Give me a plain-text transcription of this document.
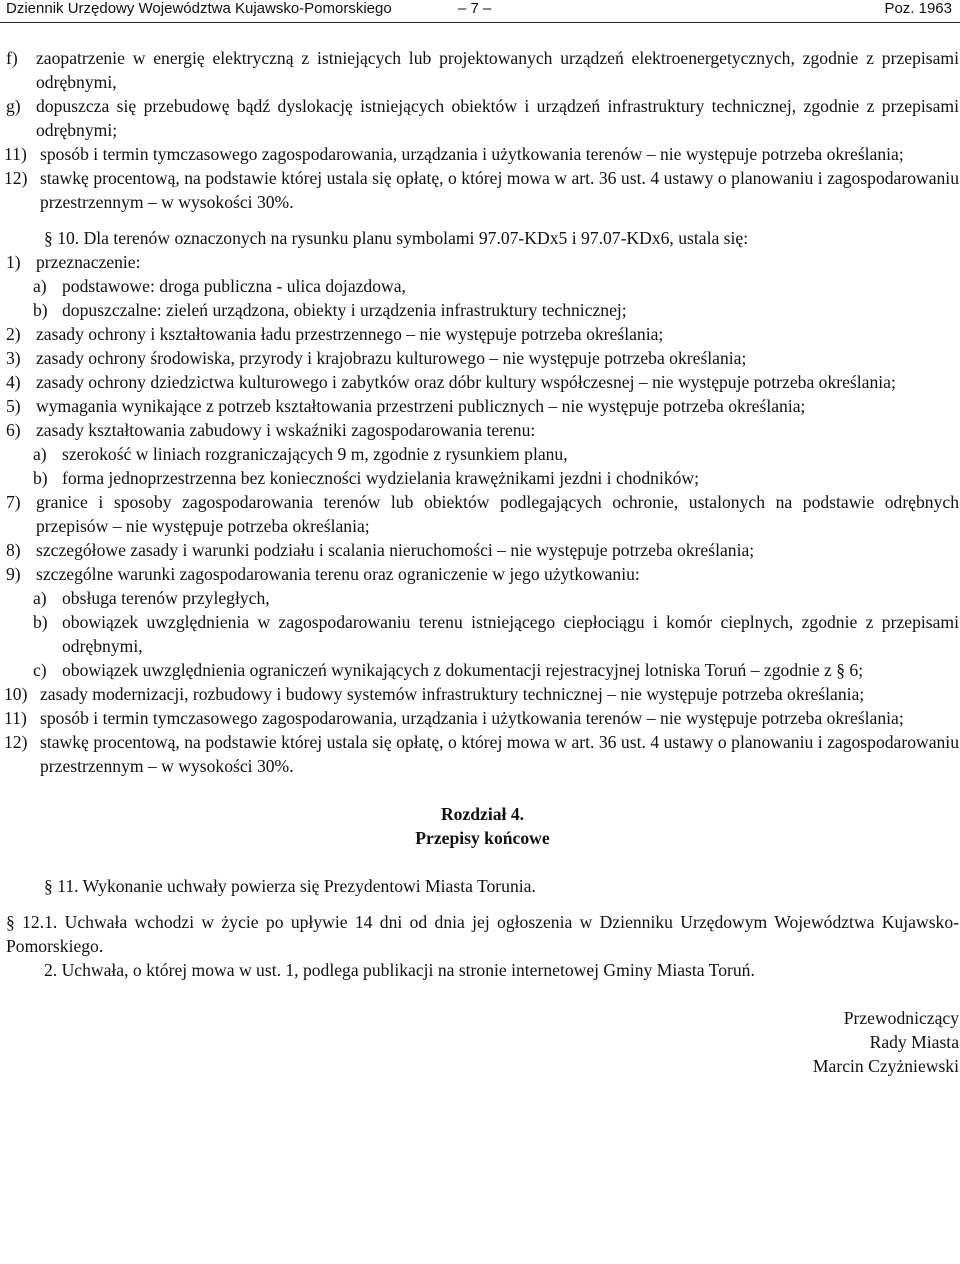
Dziennik Urzędowy Województwa Kujawsko-Pomorskiego	– 7 –	Poz. 1963
f)	zaopatrzenie w energię elektryczną z istniejących lub projektowanych urządzeń elektroenergetycznych, zgodnie z przepisami odrębnymi,
g) dopuszcza się przebudowę bądź dyslokację istniejących obiektów i urządzeń infrastruktury technicznej, zgodnie z przepisami odrębnymi;
11) sposób i termin tymczasowego zagospodarowania, urządzania i użytkowania terenów – nie występuje potrzeba określania;
12) stawkę procentową, na podstawie której ustala się opłatę, o której mowa w art. 36 ust. 4 ustawy o planowaniu i zagospodarowaniu przestrzennym – w wysokości 30%.
§ 10. Dla terenów oznaczonych na rysunku planu symbolami 97.07-KDx5 i 97.07-KDx6, ustala się:
1) przeznaczenie:
a) podstawowe: droga publiczna - ulica dojazdowa,
b) dopuszczalne: zieleń urządzona, obiekty i urządzenia infrastruktury technicznej;
2) zasady ochrony i kształtowania ładu przestrzennego – nie występuje potrzeba określania;
3) zasady ochrony środowiska, przyrody i krajobrazu kulturowego – nie występuje potrzeba określania;
4) zasady ochrony dziedzictwa kulturowego i zabytków oraz dóbr kultury współczesnej – nie występuje potrzeba określania;
5) wymagania wynikające z potrzeb kształtowania przestrzeni publicznych – nie występuje potrzeba określania;
6) zasady kształtowania zabudowy i wskaźniki zagospodarowania terenu:
a) szerokość w liniach rozgraniczających 9 m, zgodnie z rysunkiem planu,
b) forma jednoprzestrzenna bez konieczności wydzielania krawężnikami jezdni i chodników;
7) granice i sposoby zagospodarowania terenów lub obiektów podlegających ochronie, ustalonych na podstawie odrębnych przepisów – nie występuje potrzeba określania;
8) szczegółowe zasady i warunki podziału i scalania nieruchomości – nie występuje potrzeba określania;
9) szczególne warunki zagospodarowania terenu oraz ograniczenie w jego użytkowaniu:
a) obsługa terenów przyległych,
b) obowiązek uwzględnienia w zagospodarowaniu terenu istniejącego ciepłociągu i komór cieplnych, zgodnie z przepisami odrębnymi,
c) obowiązek uwzględnienia ograniczeń wynikających z dokumentacji rejestracyjnej lotniska Toruń – zgodnie z § 6;
10) zasady modernizacji, rozbudowy i budowy systemów infrastruktury technicznej – nie występuje potrzeba określania;
11) sposób i termin tymczasowego zagospodarowania, urządzania i użytkowania terenów – nie występuje potrzeba określania;
12) stawkę procentową, na podstawie której ustala się opłatę, o której mowa w art. 36 ust. 4 ustawy o planowaniu i zagospodarowaniu przestrzennym – w wysokości 30%.
Rozdział 4.
Przepisy końcowe
§ 11. Wykonanie uchwały powierza się Prezydentowi Miasta Torunia.
§ 12.1. Uchwała wchodzi w życie po upływie 14 dni od dnia jej ogłoszenia w Dzienniku Urzędowym Województwa Kujawsko-Pomorskiego.
2. Uchwała, o której mowa w ust. 1, podlega publikacji na stronie internetowej Gminy Miasta Toruń.
Przewodniczący
Rady Miasta
Marcin Czyżniewski
